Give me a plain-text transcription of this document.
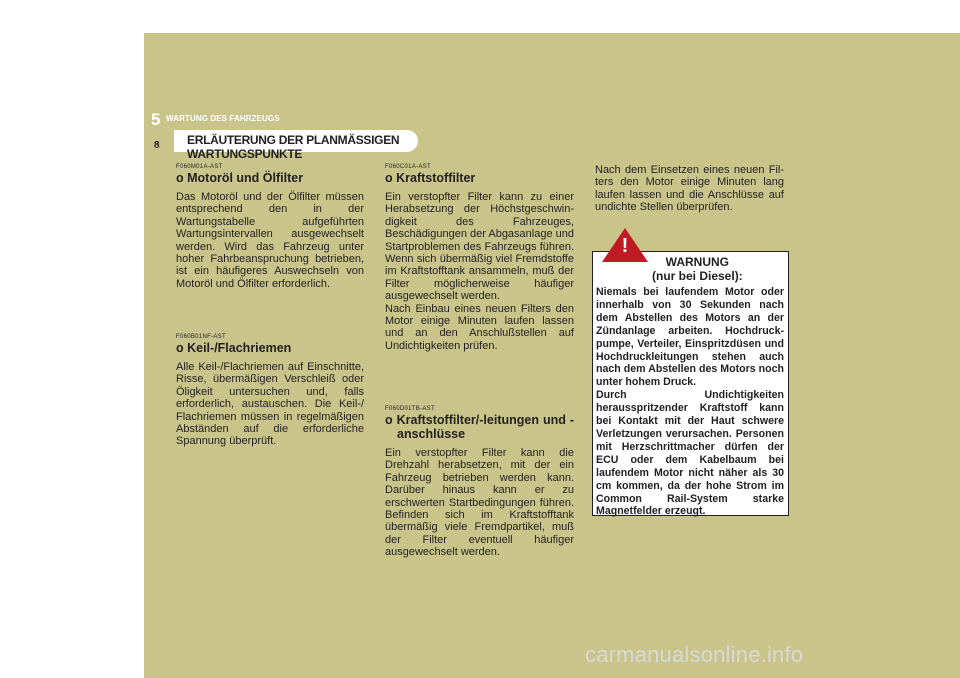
5 WARTUNG DES FAHRZEUGS
8 ERLÄUTERUNG DER PLANMÄSSIGEN
WARTUNGSPUNKTE
F060M01A-AST
o Motoröl und Ölfilter
Das Motoröl und der Ölfilter müssen entsprechend den in der Wartungstabelle aufgeführten Wartungsintervallen ausgewechselt werden. Wird das Fahrzeug unter hoher Fahrbeanspruchung betrieben, ist ein häufigeres Auswechseln von Motoröl und Ölfilter erforderlich.
F060B01NF-AST
o Keil-/Flachriemen
Alle Keil-/Flachriemen auf Einschnitte, Risse, übermäßigen Verschleiß oder Öligkeit untersuchen und, falls erforderlich, austauschen. Die Keil-/ Flachriemen müssen in regelmäßigen Abständen auf die erforderliche Spannung überprüft.
F060C01A-AST
o Kraftstoffilter
Ein verstopfter Filter kann zu einer Herabsetzung der Höchstgeschwin- digkeit des Fahrzeuges, Beschädigungen der Abgasanlage und Startproblemen des Fahrzeugs führen. Wenn sich übermäßig viel Fremdstoffe im Kraftstofftank ansammeln, muß der Filter möglicherweise häufiger ausgewechselt werden.
Nach Einbau eines neuen Filters den Motor einige Minuten laufen lassen und an den Anschlußstellen auf Undichtigkeiten prüfen.
F060D01TB-AST
o Kraftstoffilter/-leitungen und -anschlüsse
Ein verstopfter Filter kann die Drehzahl herabsetzen, mit der ein Fahrzeug betrieben werden kann. Darüber hinaus kann er zu erschwerten Startbedingungen führen. Befinden sich im Kraftstofftank übermäßig viele Fremdpartikel, muß der Filter eventuell häufiger ausgewechselt werden.
Nach dem Einsetzen eines neuen Fil- ters den Motor einige Minuten lang laufen lassen und die Anschlüsse auf undichte Stellen überprüfen.
!
WARNUNG
(nur bei Diesel):
Niemals bei laufendem Motor oder innerhalb von 30 Sekunden nach dem Abstellen des Motors an der Zündanlage arbeiten. Hochdruck- pumpe, Verteiler, Einspritzdüsen und Hochdruckleitungen stehen auch nach dem Abstellen des Motors noch unter hohem Druck.
Durch Undichtigkeiten herausspritzender Kraftstoff kann bei Kontakt mit der Haut schwere Verletzungen verursachen. Personen mit Herzschrittmacher dürfen der ECU oder dem Kabelbaum bei laufendem Motor nicht näher als 30 cm kommen, da der hohe Strom im Common Rail-System starke Magnetfelder erzeugt.
carmanualsonline.info
